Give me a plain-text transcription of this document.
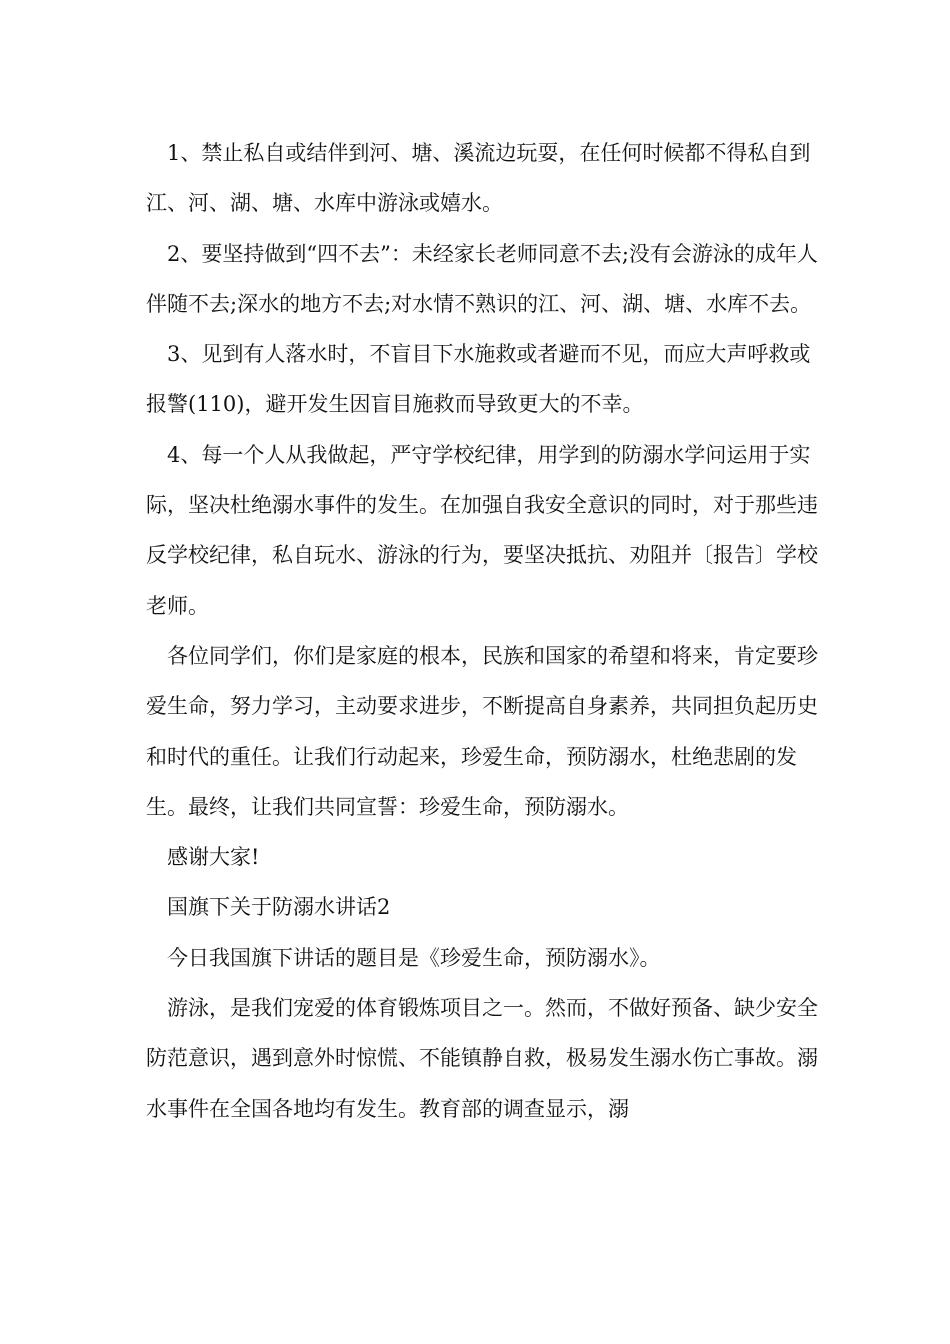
1、禁止私自或结伴到河、塘、溪流边玩耍，在任何时候都不得私自到江、河、湖、塘、水库中游泳或嬉水。

2、要坚持做到“四不去”：未经家长老师同意不去;没有会游泳的成年人伴随不去;深水的地方不去;对水情不熟识的江、河、湖、塘、水库不去。

3、见到有人落水时，不盲目下水施救或者避而不见，而应大声呼救或报警(110)，避开发生因盲目施救而导致更大的不幸。

4、每一个人从我做起，严守学校纪律，用学到的防溺水学问运用于实际，坚决杜绝溺水事件的发生。在加强自我安全意识的同时，对于那些违反学校纪律，私自玩水、游泳的行为，要坚决抵抗、劝阻并〔报告〕学校老师。

各位同学们，你们是家庭的根本，民族和国家的希望和将来，肯定要珍爱生命，努力学习，主动要求进步，不断提高自身素养，共同担负起历史和时代的重任。让我们行动起来，珍爱生命，预防溺水，杜绝悲剧的发生。最终，让我们共同宣誓：珍爱生命，预防溺水。

感谢大家!

国旗下关于防溺水讲话2

今日我国旗下讲话的题目是《珍爱生命，预防溺水》。

游泳，是我们宠爱的体育锻炼项目之一。然而，不做好预备、缺少安全防范意识，遇到意外时惊慌、不能镇静自救，极易发生溺水伤亡事故。溺水事件在全国各地均有发生。教育部的调查显示，溺
